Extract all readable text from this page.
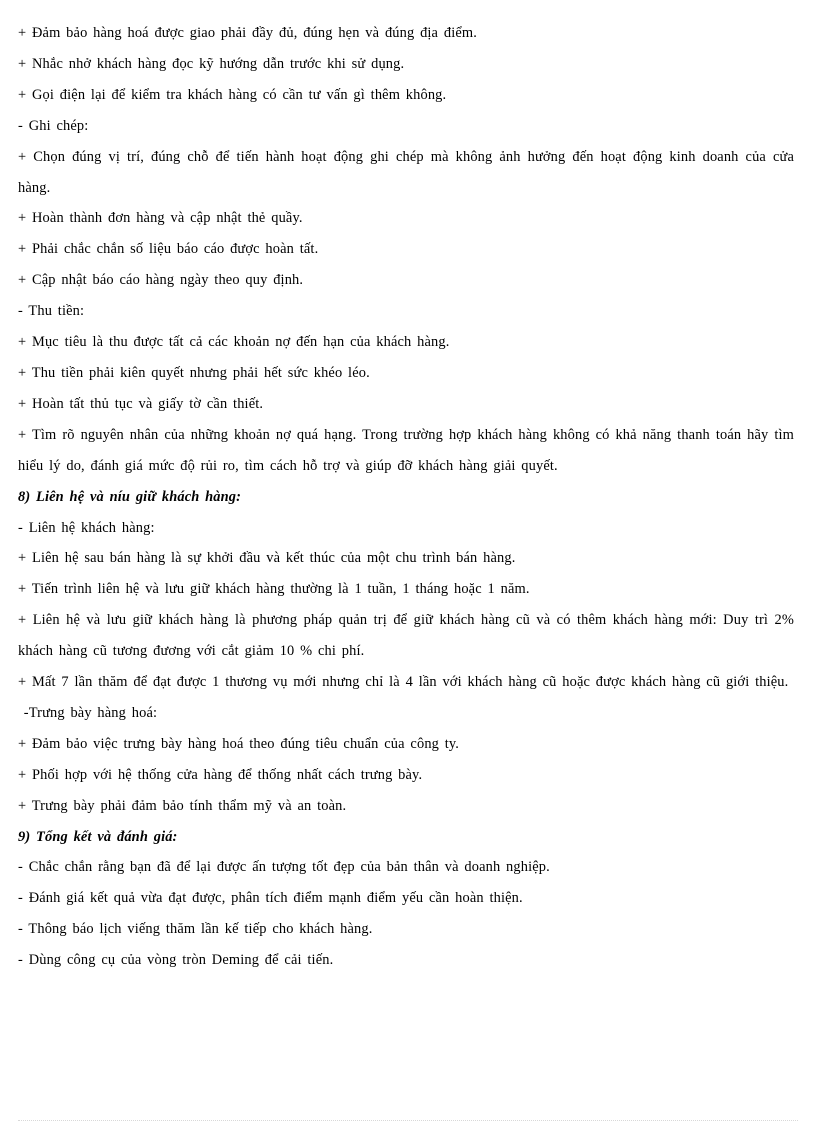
+ Đảm bảo hàng hoá được giao phải đầy đủ, đúng hẹn và đúng địa điểm.
+ Nhắc nhở khách hàng đọc kỹ hướng dẫn trước khi sử dụng.
+ Gọi điện lại để kiểm tra khách hàng có cần tư vấn gì thêm không.
- Ghi chép:
+ Chọn đúng vị trí, đúng chỗ để tiến hành hoạt động ghi chép mà không ảnh hưởng đến hoạt động kinh doanh của cửa hàng.
+ Hoàn thành đơn hàng và cập nhật thẻ quầy.
+ Phải chắc chắn số liệu báo cáo được hoàn tất.
+ Cập nhật báo cáo hàng ngày theo quy định.
- Thu tiền:
+ Mục tiêu là thu được tất cả các khoản nợ đến hạn của khách hàng.
+ Thu tiền phải kiên quyết nhưng phải hết sức khéo léo.
+ Hoàn tất thủ tục và giấy tờ cần thiết.
+ Tìm rõ nguyên nhân của những khoản nợ quá hạng. Trong trường hợp khách hàng không có khả năng thanh toán hãy tìm hiểu lý do, đánh giá mức độ rủi ro, tìm cách hỗ trợ và giúp đỡ khách hàng giải quyết.
8) Liên hệ và níu giữ khách hàng:
- Liên hệ khách hàng:
+ Liên hệ sau bán hàng là sự khởi đầu và kết thúc của một chu trình bán hàng.
+ Tiến trình liên hệ và lưu giữ khách hàng thường là 1 tuần, 1 tháng hoặc 1 năm.
+ Liên hệ và lưu giữ khách hàng là phương pháp quản trị để giữ khách hàng cũ và có thêm khách hàng mới: Duy trì 2% khách hàng cũ tương đương với cắt giảm 10 % chi phí.
+ Mất 7 lần thăm để đạt được 1 thương vụ mới nhưng chỉ là 4 lần với khách hàng cũ hoặc được khách hàng cũ giới thiệu.
-Trưng bày hàng hoá:
+ Đảm bảo việc trưng bày hàng hoá theo đúng tiêu chuẩn của công ty.
+ Phối hợp với hệ thống cửa hàng để thống nhất cách trưng bày.
+ Trưng bày phải đảm bảo tính thẩm mỹ và an toàn.
9) Tổng kết và đánh giá:
- Chắc chắn rằng bạn đã để lại được ấn tượng tốt đẹp của bản thân và doanh nghiệp.
- Đánh giá kết quả vừa đạt được, phân tích điểm mạnh điểm yếu cần hoàn thiện.
- Thông báo lịch viếng thăm lần kế tiếp cho khách hàng.
- Dùng công cụ của vòng tròn Deming để cải tiến.
